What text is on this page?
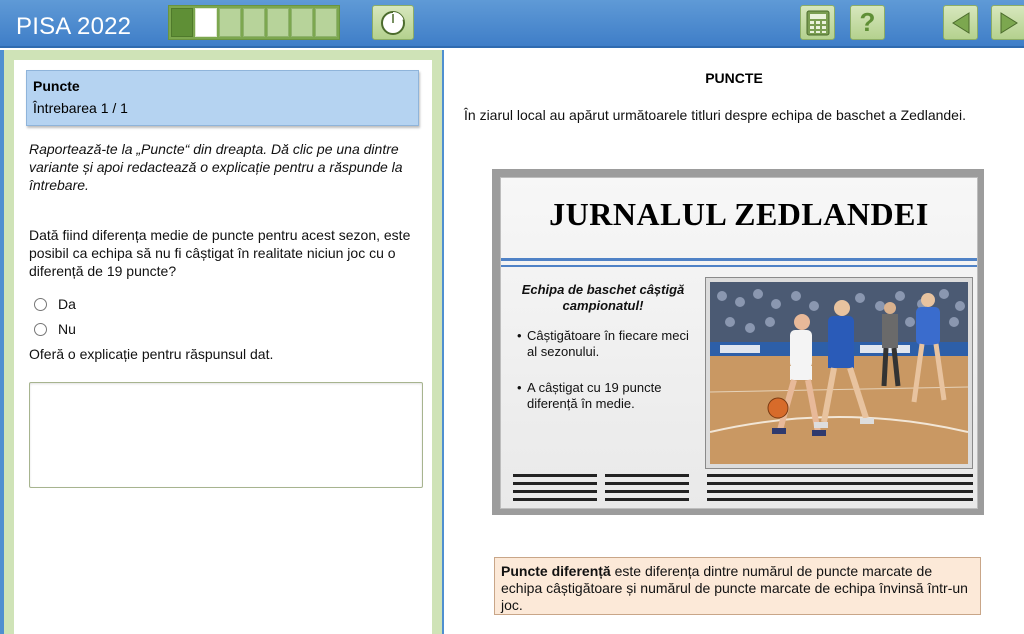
PISA 2022	?
Puncte
Întrebarea 1 / 1
Raportează-te la „Puncte“ din dreapta. Dă clic pe una dintre variante și apoi redactează o explicație pentru a răspunde la întrebare.
Dată fiind diferența medie de puncte pentru acest sezon, este posibil ca echipa să nu fi câștigat în realitate niciun joc cu o diferență de 19 puncte?
Da
Nu
Oferă o explicație pentru răspunsul dat.
PUNCTE
În ziarul local au apărut următoarele titluri despre echipa de baschet a Zedlandei.
JURNALUL ZEDLANDEI
Echipa de baschet câștigă campionatul!
• Câștigătoare în fiecare meci al sezonului.
• A câștigat cu 19 puncte diferență în medie.
Puncte diferență este diferența dintre numărul de puncte marcate de echipa câștigătoare și numărul de puncte marcate de echipa învinsă într-un joc.
